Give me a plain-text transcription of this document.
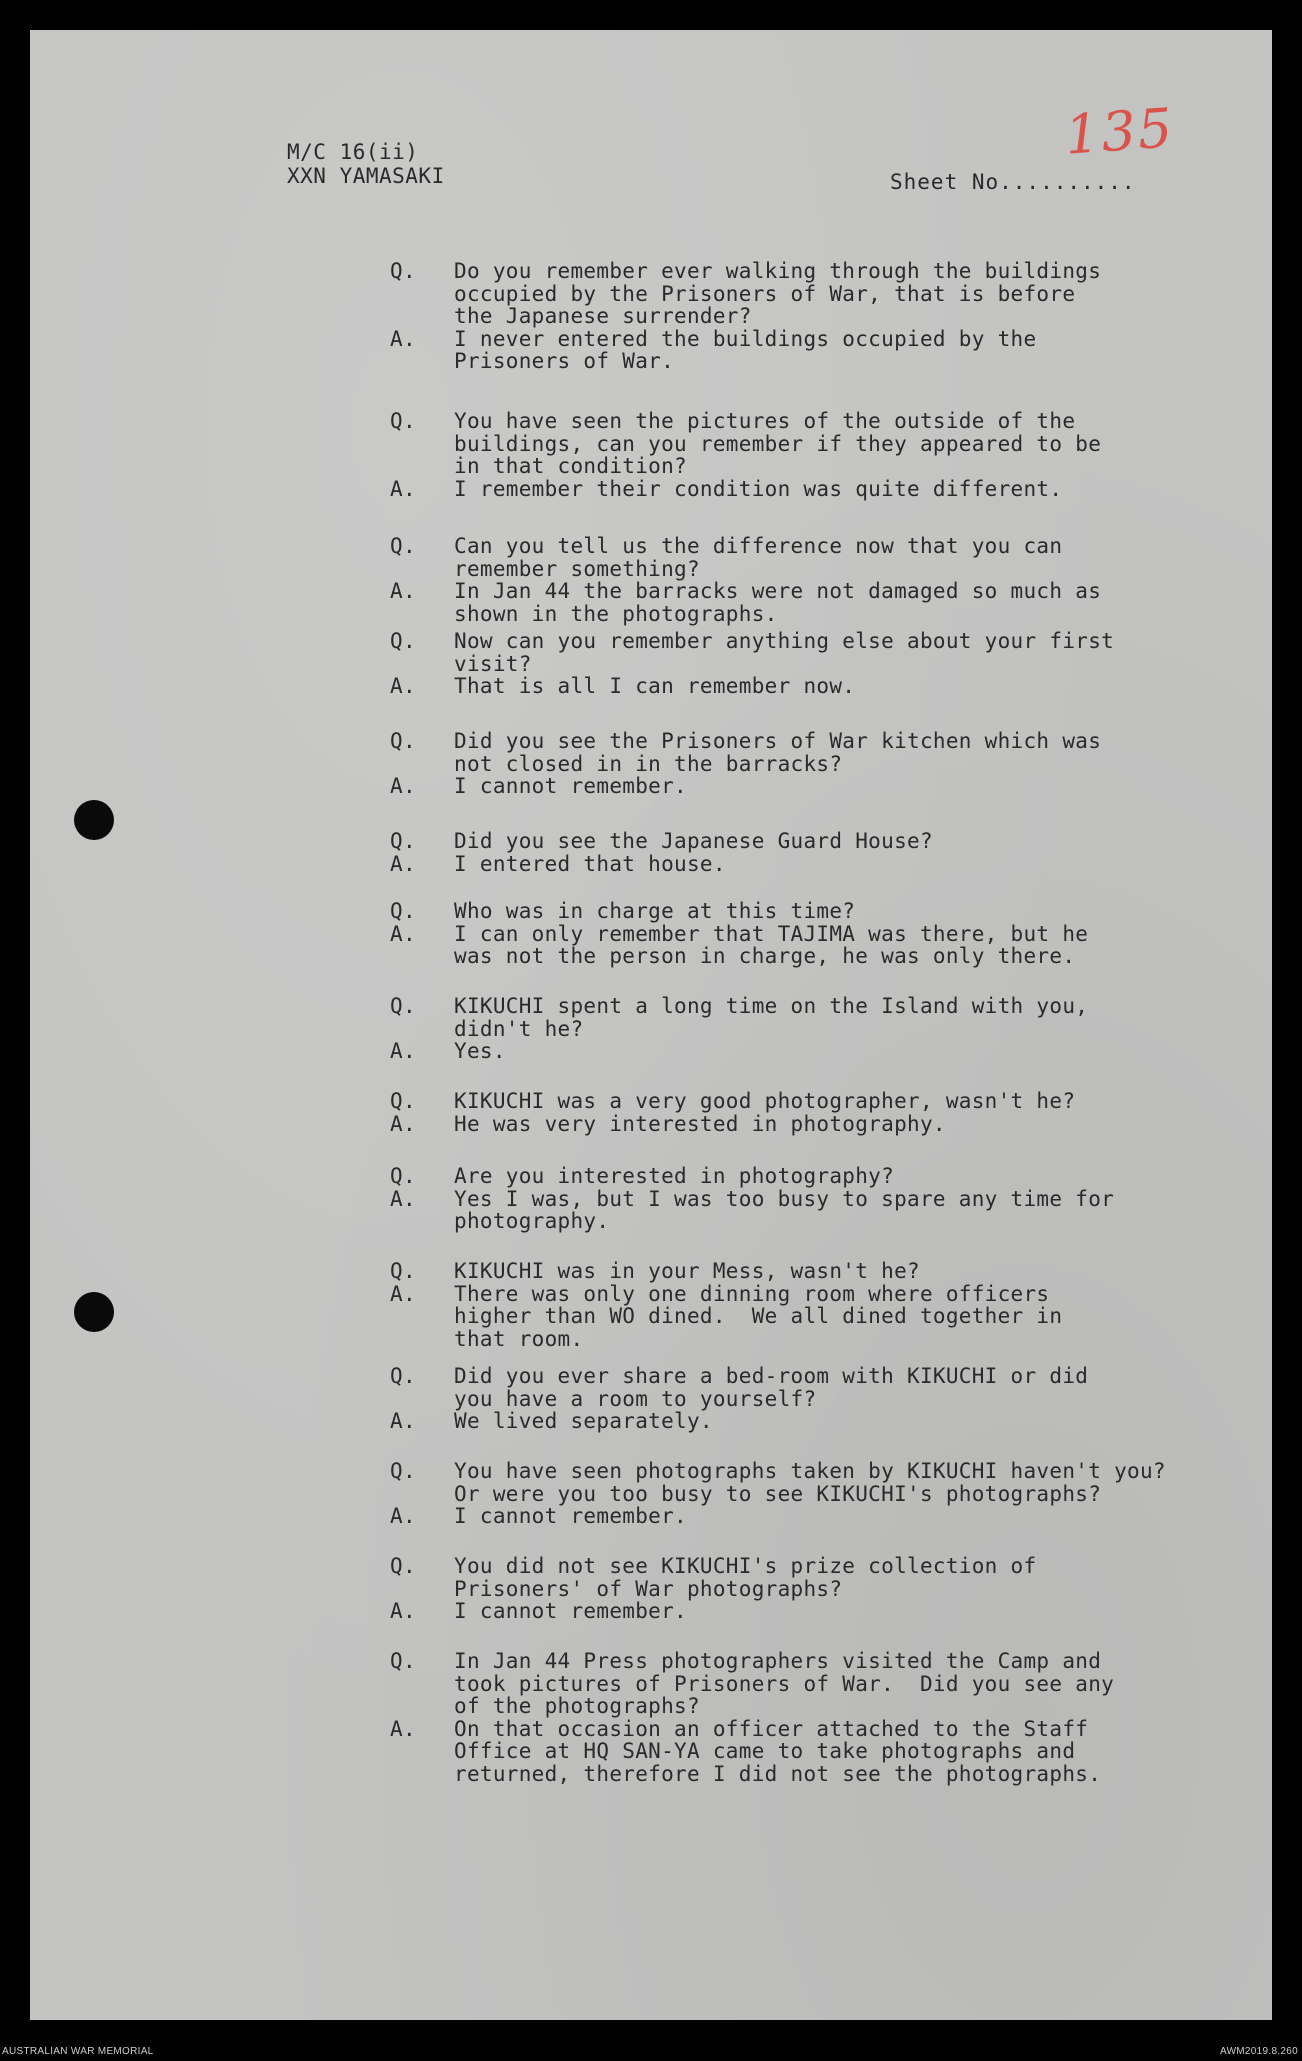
M/C 16(ii)
XXN YAMASAKI	Sheet No..........
135
Q. Do you remember ever walking through the buildings
occupied by the Prisoners of War, that is before
the Japanese surrender?
A. I never entered the buildings occupied by the
Prisoners of War.
Q. You have seen the pictures of the outside of the
buildings, can you remember if they appeared to be
in that condition?
A. I remember their condition was quite different.
Q. Can you tell us the difference now that you can
remember something?
A. In Jan 44 the barracks were not damaged so much as
shown in the photographs.
Q. Now can you remember anything else about your first
visit?
A. That is all I can remember now.
Q. Did you see the Prisoners of War kitchen which was
not closed in in the barracks?
A. I cannot remember.
Q. Did you see the Japanese Guard House?
A. I entered that house.
Q. Who was in charge at this time?
A. I can only remember that TAJIMA was there, but he
was not the person in charge, he was only there.
Q. KIKUCHI spent a long time on the Island with you,
didn't he?
A. Yes.
Q. KIKUCHI was a very good photographer, wasn't he?
A. He was very interested in photography.
Q. Are you interested in photography?
A. Yes I was, but I was too busy to spare any time for
photography.
Q. KIKUCHI was in your Mess, wasn't he?
A. There was only one dinning room where officers
higher than WO dined.  We all dined together in
that room.
Q. Did you ever share a bed-room with KIKUCHI or did
you have a room to yourself?
A. We lived separately.
Q. You have seen photographs taken by KIKUCHI haven't you?
Or were you too busy to see KIKUCHI's photographs?
A. I cannot remember.
Q. You did not see KIKUCHI's prize collection of
Prisoners' of War photographs?
A. I cannot remember.
Q. In Jan 44 Press photographers visited the Camp and
took pictures of Prisoners of War.  Did you see any
of the photographs?
A. On that occasion an officer attached to the Staff
Office at HQ SAN-YA came to take photographs and
returned, therefore I did not see the photographs.
AUSTRALIAN WAR MEMORIAL	AWM2019.8.260
